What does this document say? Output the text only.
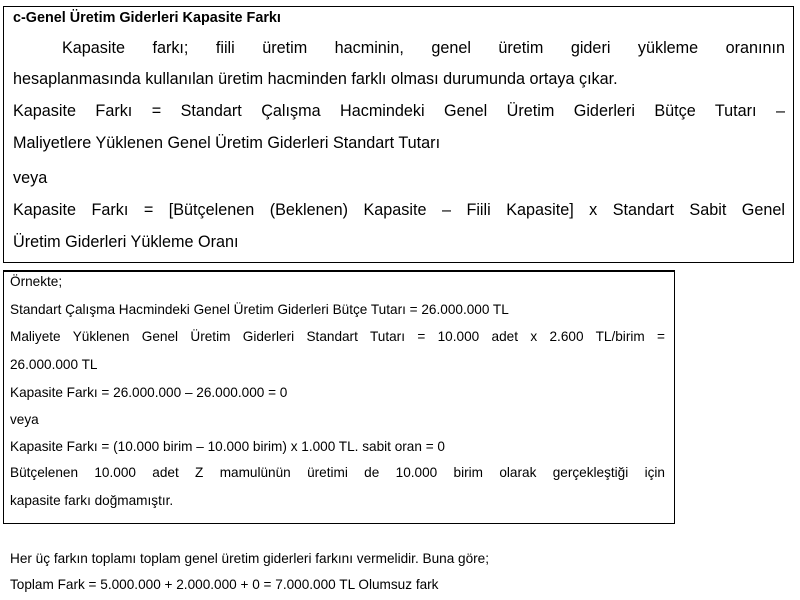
c-Genel Üretim Giderleri Kapasite Farkı
Kapasite farkı; fiili üretim hacminin, genel üretim gideri yükleme oranının
hesaplanmasında kullanılan üretim hacminden farklı olması durumunda ortaya çıkar.
Kapasite Farkı = Standart Çalışma Hacmindeki Genel Üretim Giderleri Bütçe Tutarı –
Maliyetlere Yüklenen Genel Üretim Giderleri Standart Tutarı
veya
Kapasite Farkı = [Bütçelenen (Beklenen) Kapasite – Fiili Kapasite] x Standart Sabit Genel
Üretim Giderleri Yükleme Oranı
Örnekte;
Standart Çalışma Hacmindeki Genel Üretim Giderleri Bütçe Tutarı = 26.000.000 TL
Maliyete Yüklenen Genel Üretim Giderleri Standart Tutarı = 10.000 adet x 2.600 TL/birim =
26.000.000 TL
Kapasite Farkı = 26.000.000 – 26.000.000 = 0
veya
Kapasite Farkı = (10.000 birim – 10.000 birim) x 1.000 TL. sabit oran = 0
Bütçelenen 10.000 adet Z mamulünün üretimi de 10.000 birim olarak gerçekleştiği için
kapasite farkı doğmamıştır.
Her üç farkın toplamı toplam genel üretim giderleri farkını vermelidir. Buna göre;
Toplam Fark = 5.000.000 + 2.000.000 + 0 = 7.000.000 TL Olumsuz fark
